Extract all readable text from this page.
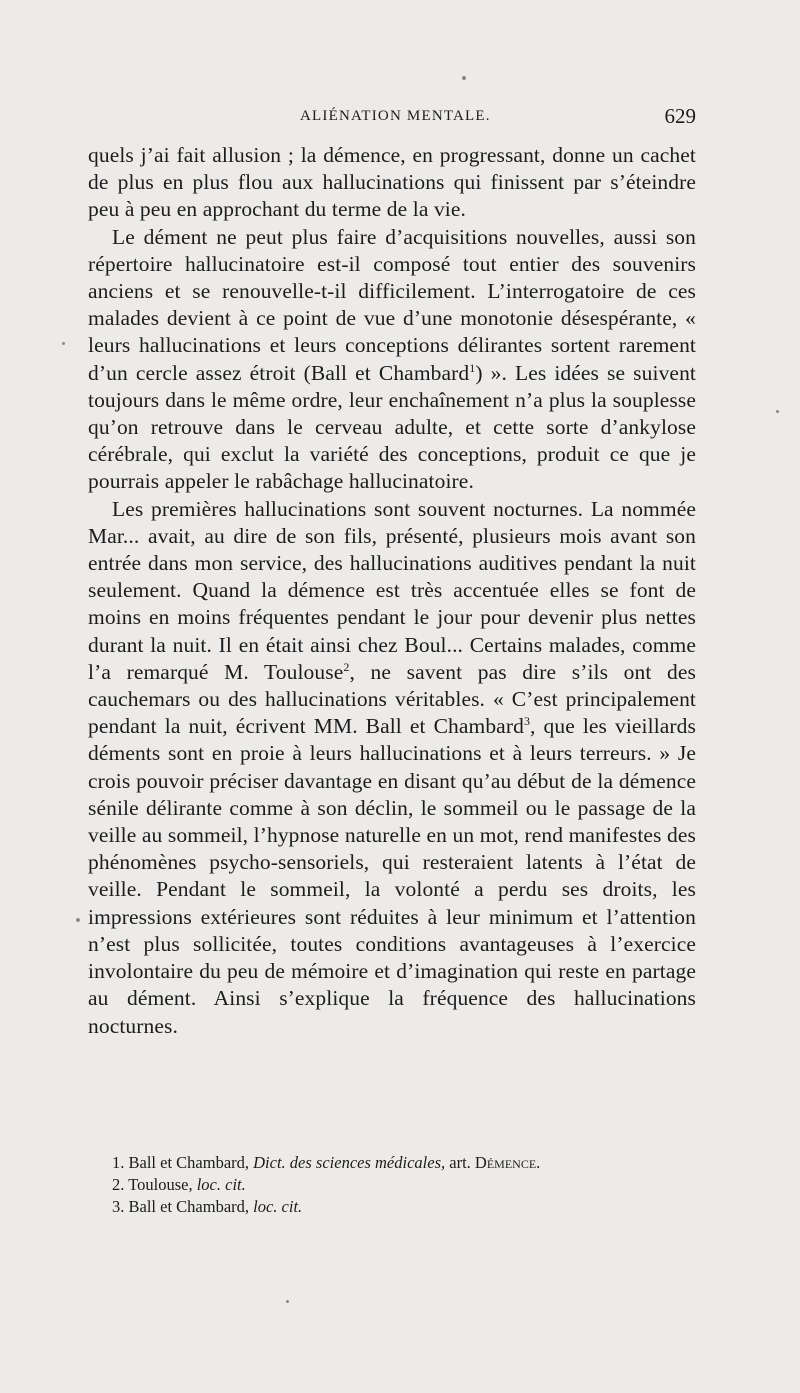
ALIÉNATION MENTALE.	629

quels j’ai fait allusion ; la démence, en progressant, donne un cachet de plus en plus flou aux hallucinations qui finissent par s’éteindre peu à peu en approchant du terme de la vie.

Le dément ne peut plus faire d’acquisitions nouvelles, aussi son répertoire hallucinatoire est-il composé tout entier des souvenirs anciens et se renouvelle-t-il difficilement. L’interrogatoire de ces malades devient à ce point de vue d’une monotonie désespérante, « leurs hallucinations et leurs conceptions délirantes sortent rarement d’un cercle assez étroit (Ball et Chambard$^1$) ». Les idées se suivent toujours dans le même ordre, leur enchaînement n’a plus la souplesse qu’on retrouve dans le cerveau adulte, et cette sorte d’ankylose cérébrale, qui exclut la variété des conceptions, produit ce que je pourrais appeler le rabâchage hallucinatoire.

Les premières hallucinations sont souvent nocturnes. La nommée Mar... avait, au dire de son fils, présenté, plusieurs mois avant son entrée dans mon service, des hallucinations auditives pendant la nuit seulement. Quand la démence est très accentuée elles se font de moins en moins fréquentes pendant le jour pour devenir plus nettes durant la nuit. Il en était ainsi chez Boul... Certains malades, comme l’a remarqué M. Toulouse$^2$, ne savent pas dire s’ils ont des cauchemars ou des hallucinations véritables. « C’est principalement pendant la nuit, écrivent MM. Ball et Chambard$^3$, que les vieillards déments sont en proie à leurs hallucinations et à leurs terreurs. » Je crois pouvoir préciser davantage en disant qu’au début de la démence sénile délirante comme à son déclin, le sommeil ou le passage de la veille au sommeil, l’hypnose naturelle en un mot, rend manifestes des phénomènes psycho-sensoriels, qui resteraient latents à l’état de veille. Pendant le sommeil, la volonté a perdu ses droits, les impressions extérieures sont réduites à leur minimum et l’attention n’est plus sollicitée, toutes conditions avantageuses à l’exercice involontaire du peu de mémoire et d’imagination qui reste en partage au dément. Ainsi s’explique la fréquence des hallucinations nocturnes.

1. Ball et Chambard, Dict. des sciences médicales, art. Démence.
2. Toulouse, loc. cit.
3. Ball et Chambard, loc. cit.
